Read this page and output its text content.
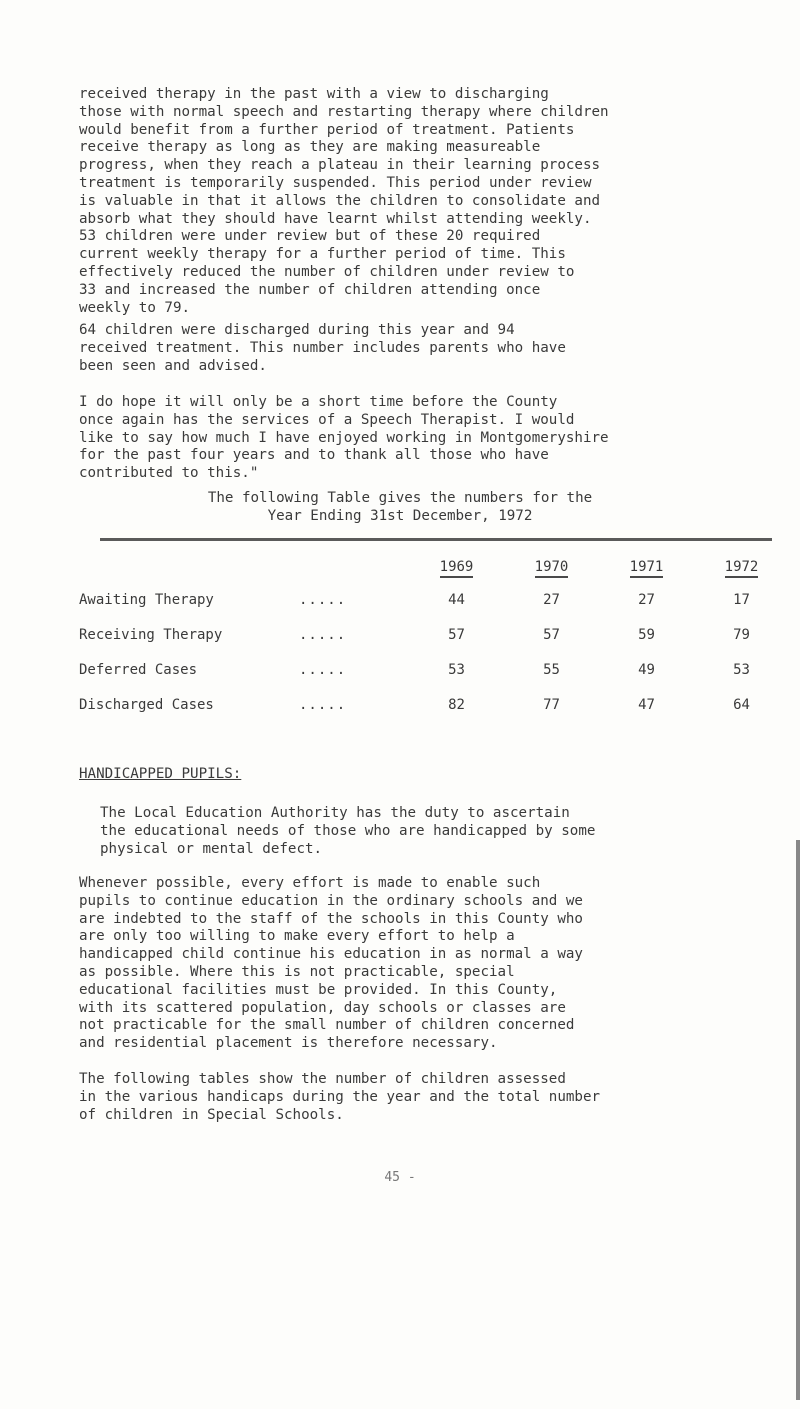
received therapy in the past with a view to discharging
those with normal speech and restarting therapy where children
would benefit from a further period of treatment. Patients
receive therapy as long as they are making measureable
progress, when they reach a plateau in their learning process
treatment is temporarily suspended. This period under review
is valuable in that it allows the children to consolidate and
absorb what they should have learnt whilst attending weekly.
53 children were under review but of these 20 required
current weekly therapy for a further period of time. This
effectively reduced the number of children under review to
33 and increased the number of children attending once
weekly to 79.
64 children were discharged during this year and 94
received treatment. This number includes parents who have
been seen and advised.
I do hope it will only be a short time before the County
once again has the services of a Speech Therapist. I would
like to say how much I have enjoyed working in Montgomeryshire
for the past four years and to thank all those who have
contributed to this."
The following Table gives the numbers for the
Year Ending 31st December, 1972
		1969	1970	1971	1972
Awaiting Therapy	.....	44	27	27	17
Receiving Therapy	.....	57	57	59	79
Deferred Cases	.....	53	55	49	53
Discharged Cases	.....	82	77	47	64
HANDICAPPED PUPILS:
The Local Education Authority has the duty to ascertain
the educational needs of those who are handicapped by some
physical or mental defect.
Whenever possible, every effort is made to enable such
pupils to continue education in the ordinary schools and we
are indebted to the staff of the schools in this County who
are only too willing to make every effort to help a
handicapped child continue his education in as normal a way
as possible. Where this is not practicable, special
educational facilities must be provided. In this County,
with its scattered population, day schools or classes are
not practicable for the small number of children concerned
and residential placement is therefore necessary.
The following tables show the number of children assessed
in the various handicaps during the year and the total number
of children in Special Schools.
45 -
